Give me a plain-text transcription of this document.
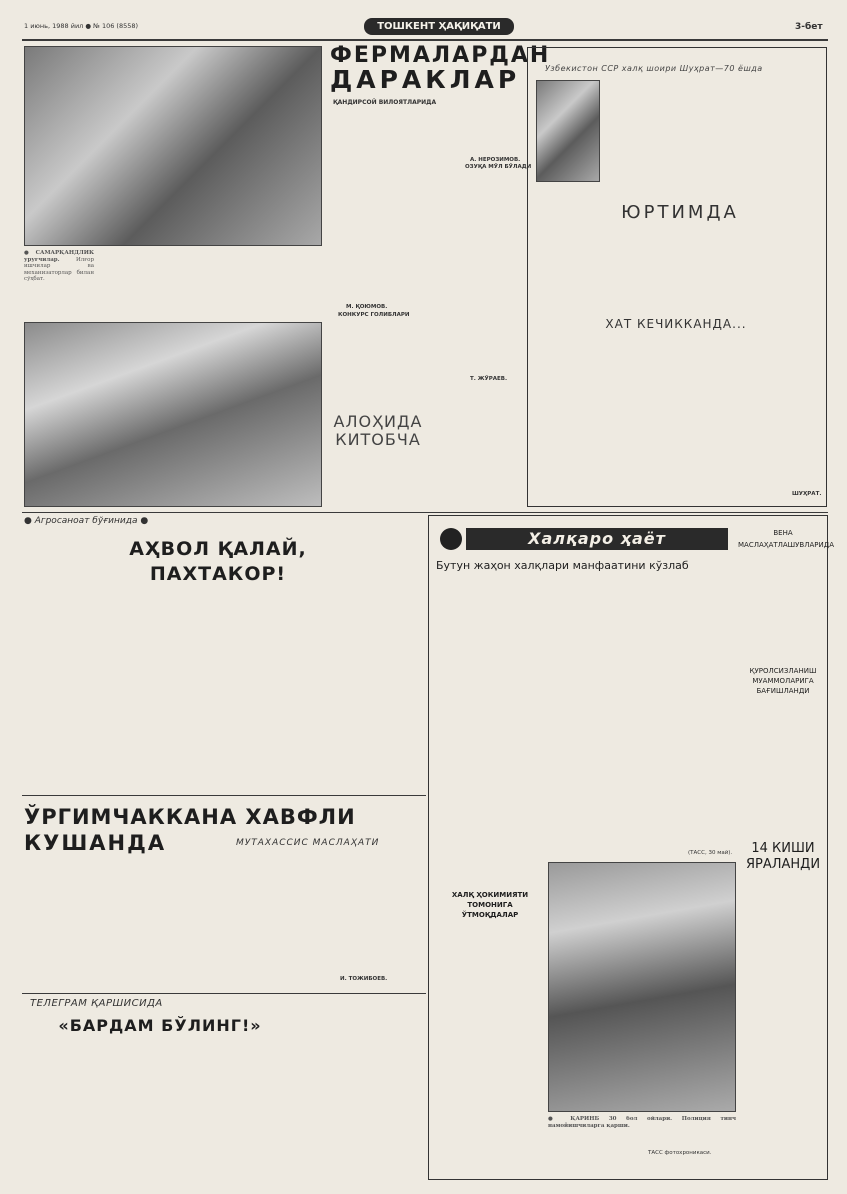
1 июнь, 1988 йил ● № 106 (8558)	ТОШКЕНТ ҲАҚИҚАТИ	3-бет
● САМАРҚАНДЛИК уруғчилар. Илғор ишчилар ва механизаторлар билан сўҳбат.
ФЕРМАЛАРДАН
ДАРАКЛАР
ҚАНДИРСОЙ ВИЛОЯТЛАРИДА
А. НЕРОЗИМОВ.
ОЗУҚА МЎЛ БЎЛАДИ
Т. ЖЎРАЕВ.
М. ҚОЮМОВ.
КОНКУРС ГОЛИБЛАРИ
АЛОҲИДА
КИТОБЧА
Узбекистон ССР халқ шоири Шуҳрат—70 ёшда
ЮРТИМДА
ХАТ КЕЧИККАНДА...
ШУҲРАТ.
● Агросаноат бўғинида ●
АҲВОЛ ҚАЛАЙ,
ПАХТАКОР!
ЎРГИМЧАККАНА ХАВФЛИ
КУШАНДА	МУТАХАССИС МАСЛАҲАТИ
И. ТОЖИБОЕВ.
ТЕЛЕГРАМ ҚАРШИСИДА
«БАРДАМ БЎЛИНГ!»
Халқаро ҳаёт
Бутун жаҳон халқлари манфаатини кўзлаб
(ТАСС, 30 май).
ВЕНА
МАСЛАҲАТЛАШУВЛАРИДА
ҚУРОЛСИЗЛАНИШ
МУАММОЛАРИГА
БАҒИШЛАНДИ
14 КИШИ
ЯРАЛАНДИ
ХАЛҚ ҲОКИМИЯТИ
ТОМОНИГА
ЎТМОҚДАЛАР
● ҚАРИНБ 30 бол ойлари. Полиция тинч намойишчиларга қарши.
ТАСС фотохроникаси.
